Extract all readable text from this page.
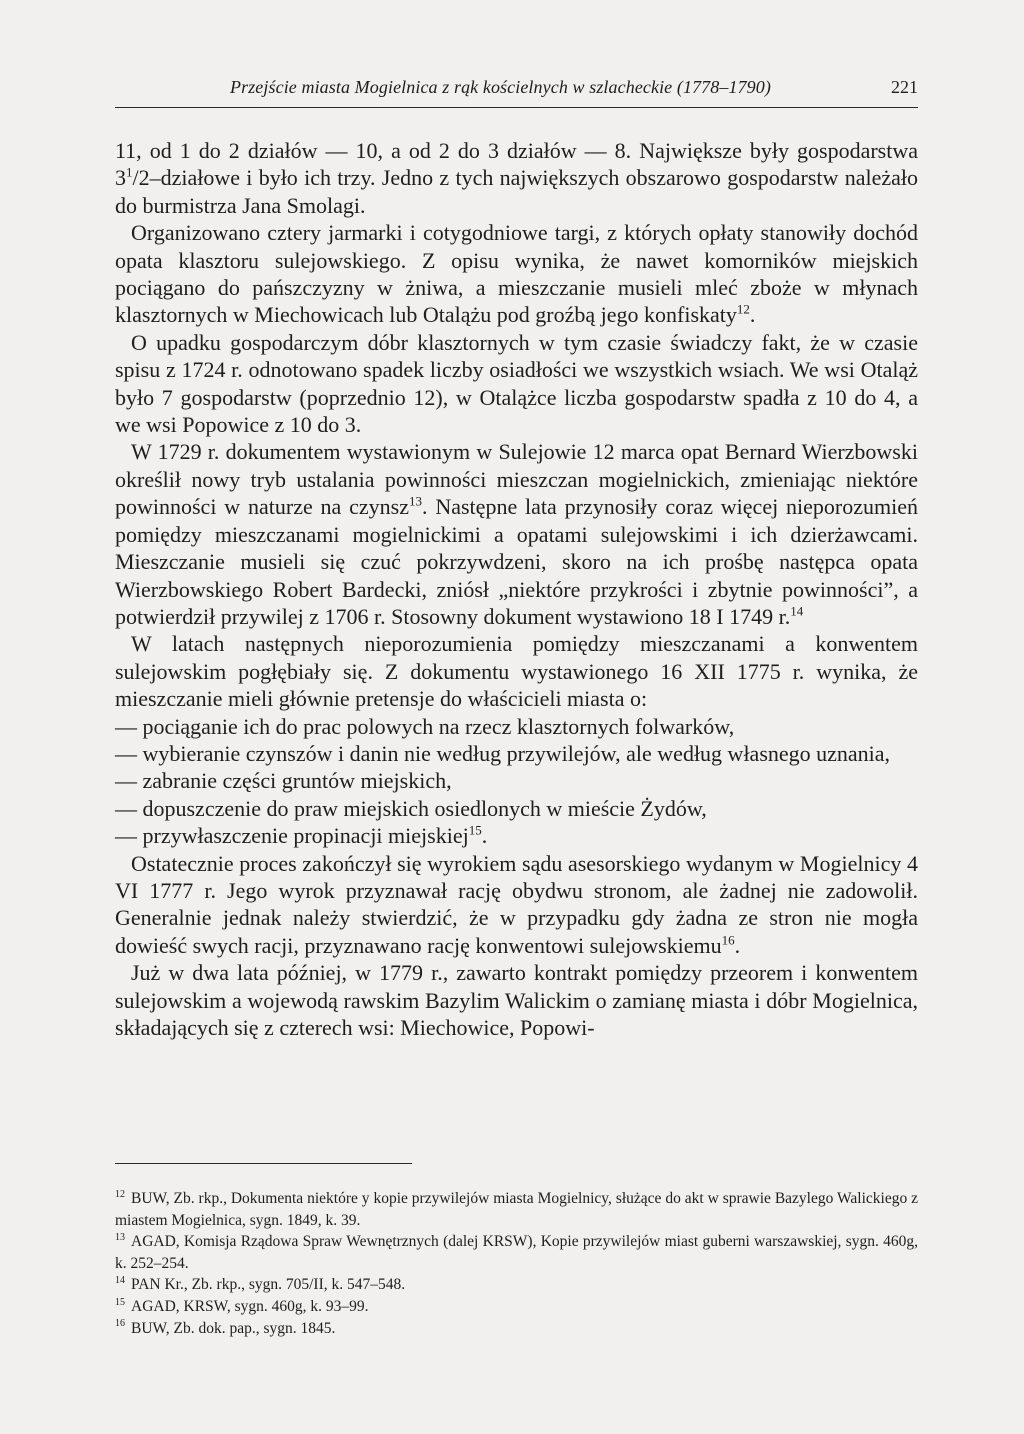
Przejście miasta Mogielnica z rąk kościelnych w szlacheckie (1778–1790)	221

11, od 1 do 2 działów — 10, a od 2 do 3 działów — 8. Największe były gospodarstwa $3^1/2$–działowe i było ich trzy. Jedno z tych największych obszarowo gospodarstw należało do burmistrza Jana Smolagi.

Organizowano cztery jarmarki i cotygodniowe targi, z których opłaty stanowiły dochód opata klasztoru sulejowskiego. Z opisu wynika, że nawet komorników miejskich pociągano do pańszczyzny w żniwa, a mieszczanie musieli mleć zboże w młynach klasztornych w Miechowicach lub Otalążu pod groźbą jego konfiskaty$^{12}$.

O upadku gospodarczym dóbr klasztornych w tym czasie świadczy fakt, że w czasie spisu z 1724 r. odnotowano spadek liczby osiadłości we wszystkich wsiach. We wsi Otaląż było 7 gospodarstw (poprzednio 12), w Otalążce liczba gospodarstw spadła z 10 do 4, a we wsi Popowice z 10 do 3.

W 1729 r. dokumentem wystawionym w Sulejowie 12 marca opat Bernard Wierzbowski określił nowy tryb ustalania powinności mieszczan mogielnickich, zmieniając niektóre powinności w naturze na czynsz$^{13}$. Następne lata przynosiły coraz więcej nieporozumień pomiędzy mieszczanami mogielnickimi a opatami sulejowskimi i ich dzierżawcami. Mieszczanie musieli się czuć pokrzywdzeni, skoro na ich prośbę następca opata Wierzbowskiego Robert Bardecki, zniósł „niektóre przykrości i zbytnie powinności”, a potwierdził przywilej z 1706 r. Stosowny dokument wystawiono 18 I 1749 r.$^{14}$

W latach następnych nieporozumienia pomiędzy mieszczanami a konwentem sulejowskim pogłębiały się. Z dokumentu wystawionego 16 XII 1775 r. wynika, że mieszczanie mieli głównie pretensje do właścicieli miasta o:

— pociąganie ich do prac polowych na rzecz klasztornych folwarków,

— wybieranie czynszów i danin nie według przywilejów, ale według własnego uznania,

— zabranie części gruntów miejskich,

— dopuszczenie do praw miejskich osiedlonych w mieście Żydów,

— przywłaszczenie propinacji miejskiej$^{15}$.

Ostatecznie proces zakończył się wyrokiem sądu asesorskiego wydanym w Mogielnicy 4 VI 1777 r. Jego wyrok przyznawał rację obydwu stronom, ale żadnej nie zadowolił. Generalnie jednak należy stwierdzić, że w przypadku gdy żadna ze stron nie mogła dowieść swych racji, przyznawano rację konwentowi sulejowskiemu$^{16}$.

Już w dwa lata później, w 1779 r., zawarto kontrakt pomiędzy przeorem i konwentem sulejowskim a wojewodą rawskim Bazylim Walickim o zamianę miasta i dóbr Mogielnica, składających się z czterech wsi: Miechowice, Popowi-

$^{12}$ BUW, Zb. rkp., Dokumenta niektóre y kopie przywilejów miasta Mogielnicy, służące do akt w sprawie Bazylego Walickiego z miastem Mogielnica, sygn. 1849, k. 39.

$^{13}$ AGAD, Komisja Rządowa Spraw Wewnętrznych (dalej KRSW), Kopie przywilejów miast guberni warszawskiej, sygn. 460g, k. 252–254.

$^{14}$ PAN Kr., Zb. rkp., sygn. 705/II, k. 547–548.

$^{15}$ AGAD, KRSW, sygn. 460g, k. 93–99.

$^{16}$ BUW, Zb. dok. pap., sygn. 1845.
